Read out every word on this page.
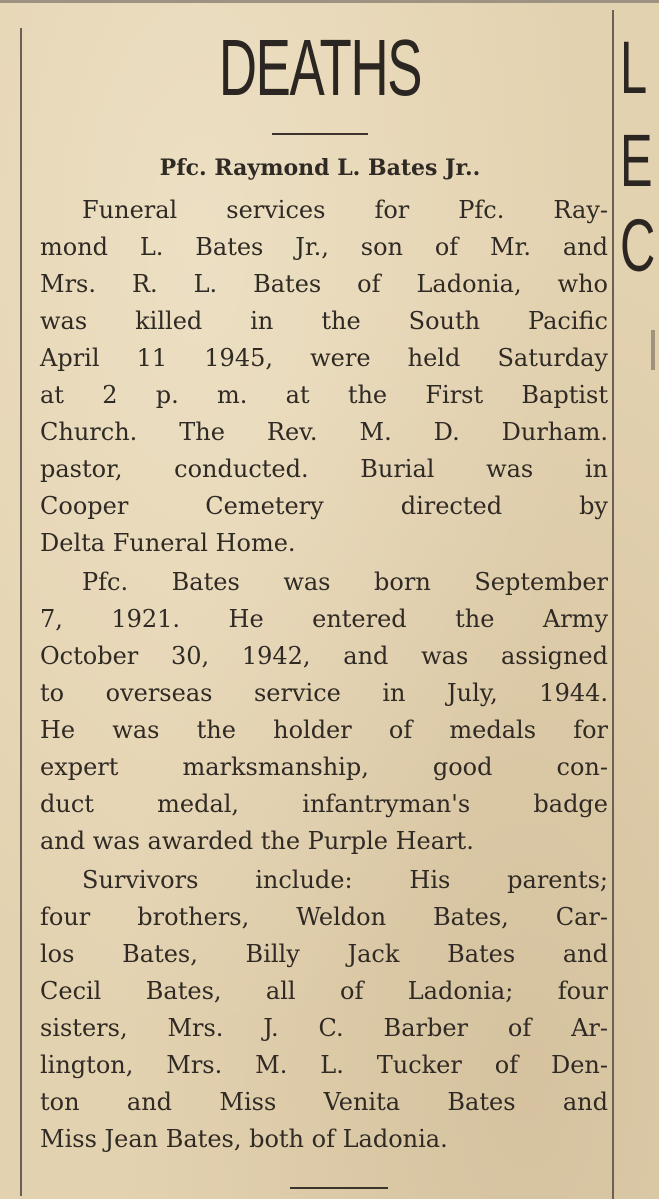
DEATHS
Pfc. Raymond L. Bates Jr..
Funeral services for Pfc. Ray-
mond L. Bates Jr., son of Mr. and
Mrs. R. L. Bates of Ladonia, who
was killed in the South Pacific
April 11 1945, were held Saturday
at 2 p. m. at the First Baptist
Church. The Rev. M. D. Durham.
pastor, conducted. Burial was in
Cooper Cemetery directed by
Delta Funeral Home.
Pfc. Bates was born September
7, 1921. He entered the Army
October 30, 1942, and was assigned
to overseas service in July, 1944.
He was the holder of medals for
expert marksmanship, good con-
duct medal, infantryman's badge
and was awarded the Purple Heart.
Survivors include: His parents;
four brothers, Weldon Bates, Car-
los Bates, Billy Jack Bates and
Cecil Bates, all of Ladonia; four
sisters, Mrs. J. C. Barber of Ar-
lington, Mrs. M. L. Tucker of Den-
ton and Miss Venita Bates and
Miss Jean Bates, both of Ladonia.
L
E
C
